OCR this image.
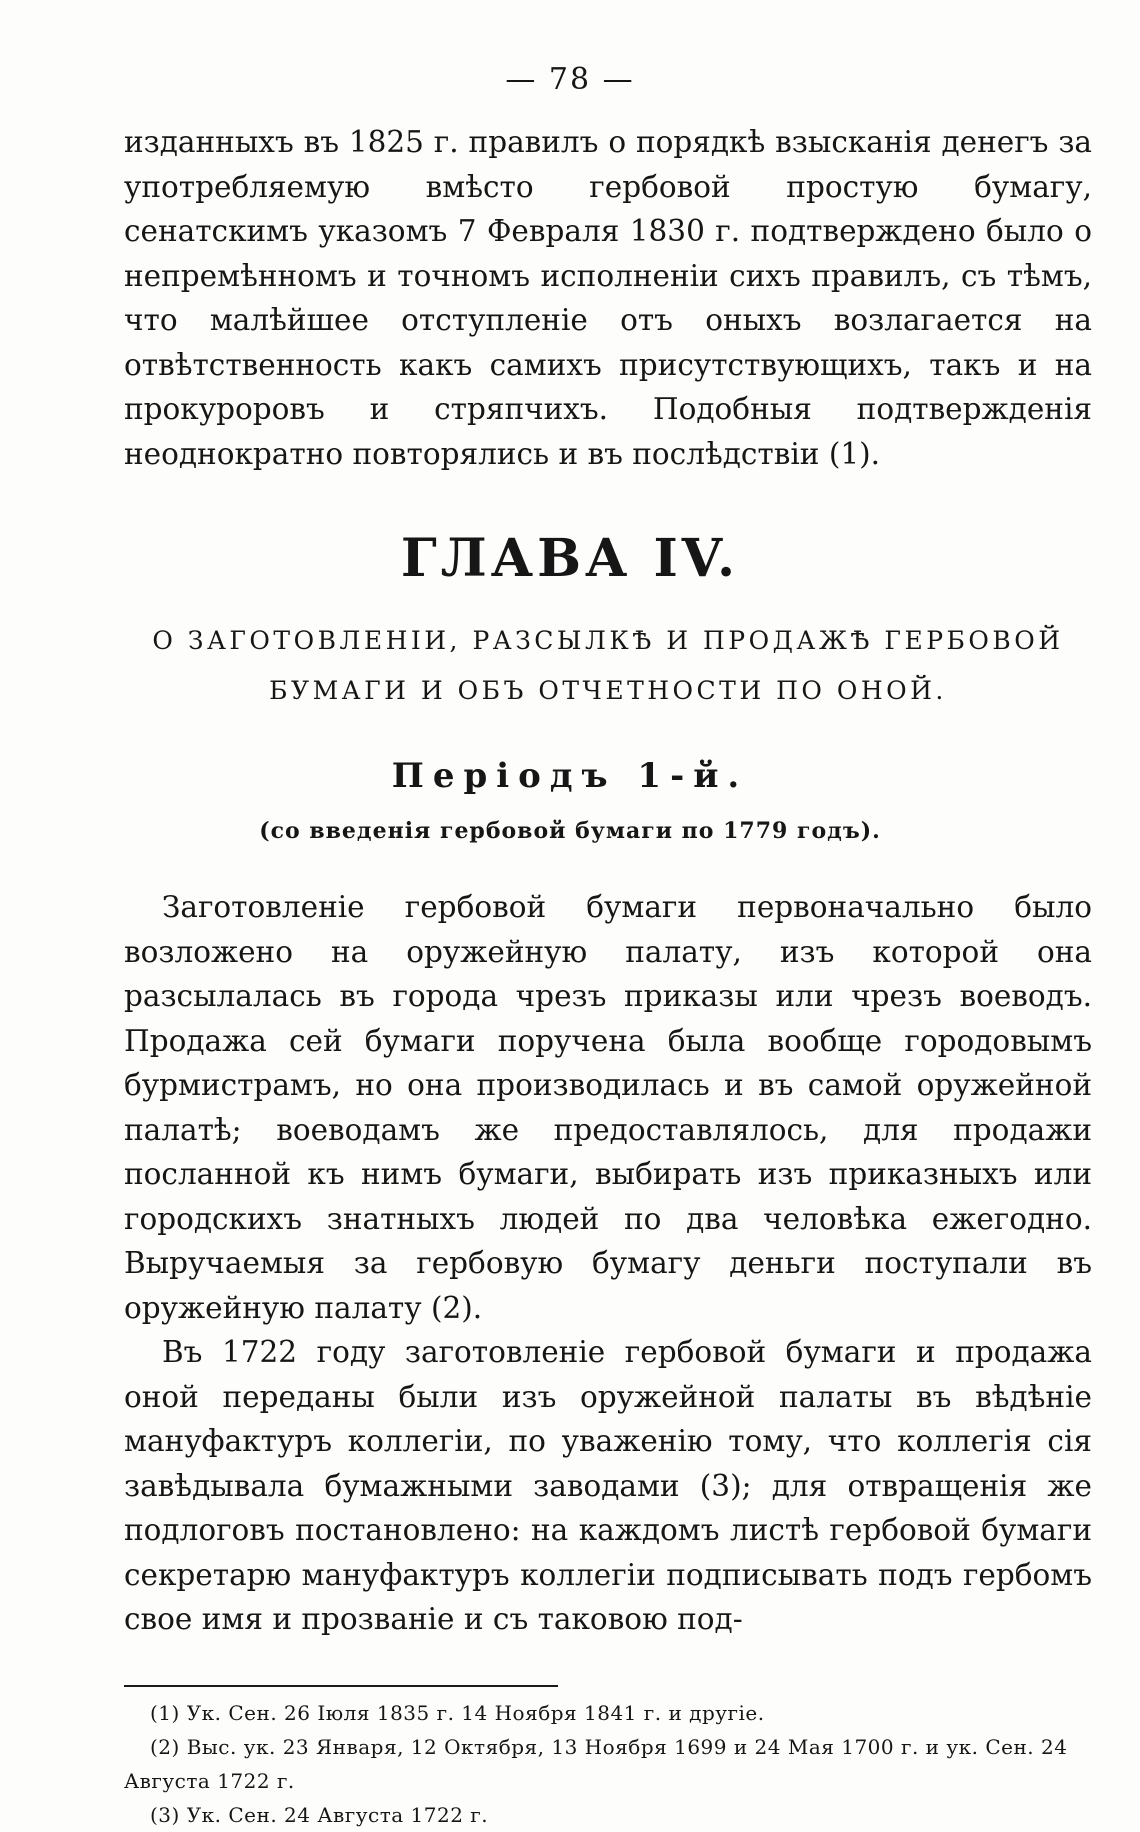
— 78 —

изданныхъ въ 1825 г. правилъ о порядкѣ взысканія денегъ за употребляемую вмѣсто гербовой простую бумагу, сенатскимъ указомъ 7 Февраля 1830 г. подтверждено было о непремѣнномъ и точномъ исполненіи сихъ правилъ, съ тѣмъ, что малѣйшее отступленіе отъ оныхъ возлагается на отвѣтственность какъ самихъ присутствующихъ, такъ и на прокуроровъ и стряпчихъ. Подобныя подтвержденія неоднократно повторялись и въ послѣдствіи (1).

ГЛАВА IV.
О ЗАГОТОВЛЕНІИ, РАЗСЫЛКѢ И ПРОДАЖѢ ГЕРБОВОЙ БУМАГИ И ОБЪ ОТЧЕТНОСТИ ПО ОНОЙ.
Періодъ 1-й.
(со введенія гербовой бумаги по 1779 годъ).

Заготовленіе гербовой бумаги первоначально было возложено на оружейную палату, изъ которой она разсылалась въ города чрезъ приказы или чрезъ воеводъ. Продажа сей бумаги поручена была вообще городовымъ бурмистрамъ, но она производилась и въ самой оружейной палатѣ; воеводамъ же предоставлялось, для продажи посланной къ нимъ бумаги, выбирать изъ приказныхъ или городскихъ знатныхъ людей по два человѣка ежегодно. Выручаемыя за гербовую бумагу деньги поступали въ оружейную палату (2).

Въ 1722 году заготовленіе гербовой бумаги и продажа оной переданы были изъ оружейной палаты въ вѣдѣніе мануфактуръ коллегіи, по уваженію тому, что коллегія сія завѣдывала бумажными заводами (3); для отвращенія же подлоговъ постановлено: на каждомъ листѣ гербовой бумаги секретарю мануфактуръ коллегіи подписывать подъ гербомъ свое имя и прозваніе и съ таковою под-

(1) Ук. Сен. 26 Іюля 1835 г. 14 Ноября 1841 г. и другіе.

(2) Выс. ук. 23 Января, 12 Октября, 13 Ноября 1699 и 24 Мая 1700 г. и ук. Сен. 24 Августа 1722 г.

(3) Ук. Сен. 24 Августа 1722 г.
